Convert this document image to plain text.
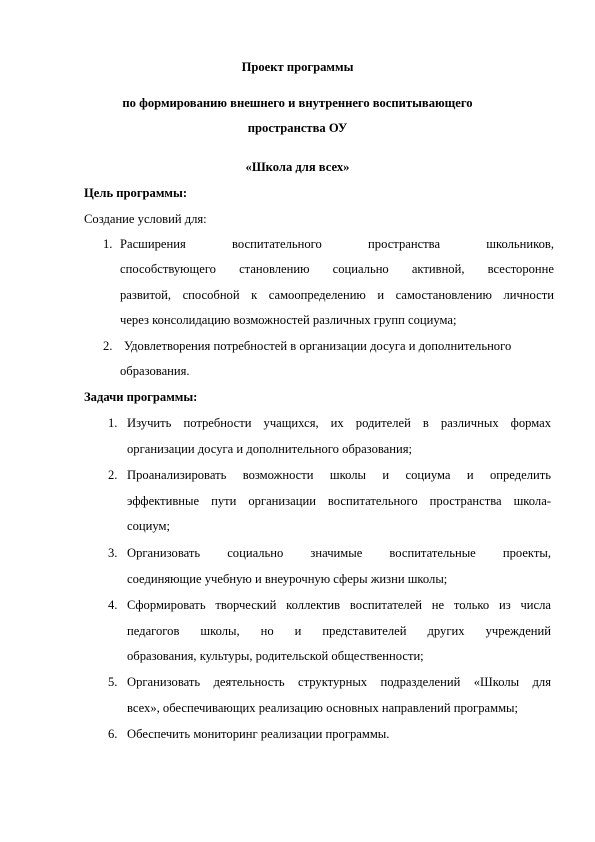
Проект программы
по формированию внешнего и внутреннего воспитывающего
пространства ОУ
«Школа для всех»
Цель программы:
Создание условий для:
1. Расширения воспитательного пространства школьников,
способствующего становлению социально активной, всесторонне
развитой, способной к самоопределению и самостановлению личности
через консолидацию возможностей различных групп социума;
2. Удовлетворения потребностей в организации досуга и дополнительного
образования.
Задачи программы:
1. Изучить потребности учащихся, их родителей в различных формах
организации досуга и дополнительного образования;
2. Проанализировать возможности школы и социума и определить
эффективные пути организации воспитательного пространства школа-
социум;
3. Организовать социально значимые воспитательные проекты,
соединяющие учебную и внеурочную сферы жизни школы;
4. Сформировать творческий коллектив воспитателей не только из числа
педагогов школы, но и представителей других учреждений
образования, культуры, родительской общественности;
5. Организовать деятельность структурных подразделений «Школы для
всех», обеспечивающих реализацию основных направлений программы;
6. Обеспечить мониторинг реализации программы.
